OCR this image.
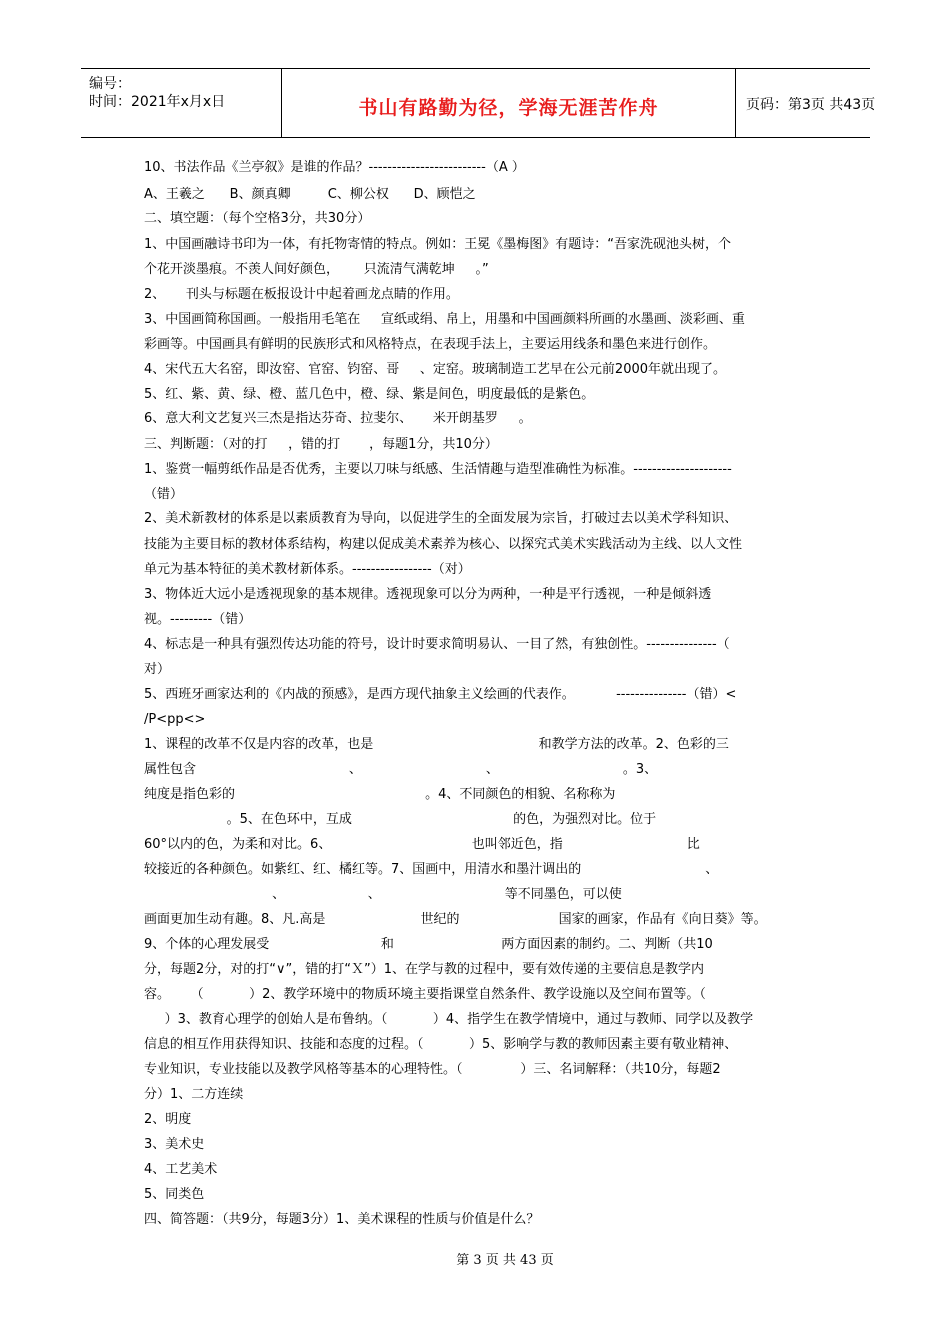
编号：
时间：2021年x月x日	书山有路勤为径，学海无涯苦作舟	页码：第3页 共43页
10、书法作品《兰亭叙》是谁的作品？-------------------------（A ）
A、王羲之      B、颜真卿         C、柳公权      D、顾恺之
二、填空题：（每个空格3分，共30分）
1、中国画融诗书印为一体，有托物寄情的特点。例如：王冕《墨梅图》有题诗：“吾家洗砚池头树，个
个花开淡墨痕。不羡人间好颜色，      只流清气满乾坤     。”
2、     刊头与标题在板报设计中起着画龙点睛的作用。
3、中国画简称国画。一般指用毛笔在     宣纸或绢、帛上，用墨和中国画颜料所画的水墨画、淡彩画、重
彩画等。中国画具有鲜明的民族形式和风格特点，在表现手法上，主要运用线条和墨色来进行创作。
4、宋代五大名窑，即汝窑、官窑、钧窑、哥     、定窑。玻璃制造工艺早在公元前2000年就出现了。
5、红、紫、黄、绿、橙、蓝几色中，橙、绿、紫是间色，明度最低的是紫色。
6、意大利文艺复兴三杰是指达芬奇、拉斐尔、     米开朗基罗     。
三、判断题：（对的打     ，错的打       ，每题1分，共10分）
1、鉴赏一幅剪纸作品是否优秀，主要以刀味与纸感、生活情趣与造型准确性为标准。---------------------
（错）
2、美术新教材的体系是以素质教育为导向，以促进学生的全面发展为宗旨，打破过去以美术学科知识、
技能为主要目标的教材体系结构，构建以促成美术素养为核心、以探究式美术实践活动为主线、以人文性
单元为基本特征的美术教材新体系。-----------------（对）
3、物体近大远小是透视现象的基本规律。透视现象可以分为两种，一种是平行透视，一种是倾斜透
视。---------（错）
4、标志是一种具有强烈传达功能的符号，设计时要求简明易认、一目了然，有独创性。---------------（
对）
5、西班牙画家达利的《内战的预感》，是西方现代抽象主义绘画的代表作。          ---------------（错）<
/P<pp<>
1、课程的改革不仅是内容的改革，也是                                        和教学方法的改革。2、色彩的三
属性包含                                     、                              、                              。3、
纯度是指色彩的                                              。4、不同颜色的相貌、名称称为
。5、在色环中，互成                                       的色，为强烈对比。位于
60°以内的色，为柔和对比。6、                                  也叫邻近色，指                              比
较接近的各种颜色。如紫红、红、橘红等。7、国画中，用清水和墨汁调出的                              、
、                    、                              等不同墨色，可以使
画面更加生动有趣。8、凡.高是                       世纪的                        国家的画家，作品有《向日葵》等。
9、个体的心理发展受                           和                          两方面因素的制约。二、判断（共10
分，每题2分，对的打“∨”，错的打“Ｘ”）1、在学与教的过程中，要有效传递的主要信息是教学内
容。     （           ）2、教学环境中的物质环境主要指课堂自然条件、教学设施以及空间布置等。（
）3、教育心理学的创始人是布鲁纳。（           ）4、指学生在教学情境中，通过与教师、同学以及教学
信息的相互作用获得知识、技能和态度的过程。（           ）5、影响学与教的教师因素主要有敬业精神、
专业知识，专业技能以及教学风格等基本的心理特性。（              ）三、名词解释：（共10分，每题2
分）1、二方连续
2、明度
3、美术史
4、工艺美术
5、同类色
四、简答题：（共9分，每题3分）1、美术课程的性质与价值是什么？
第 3 页 共 43 页
